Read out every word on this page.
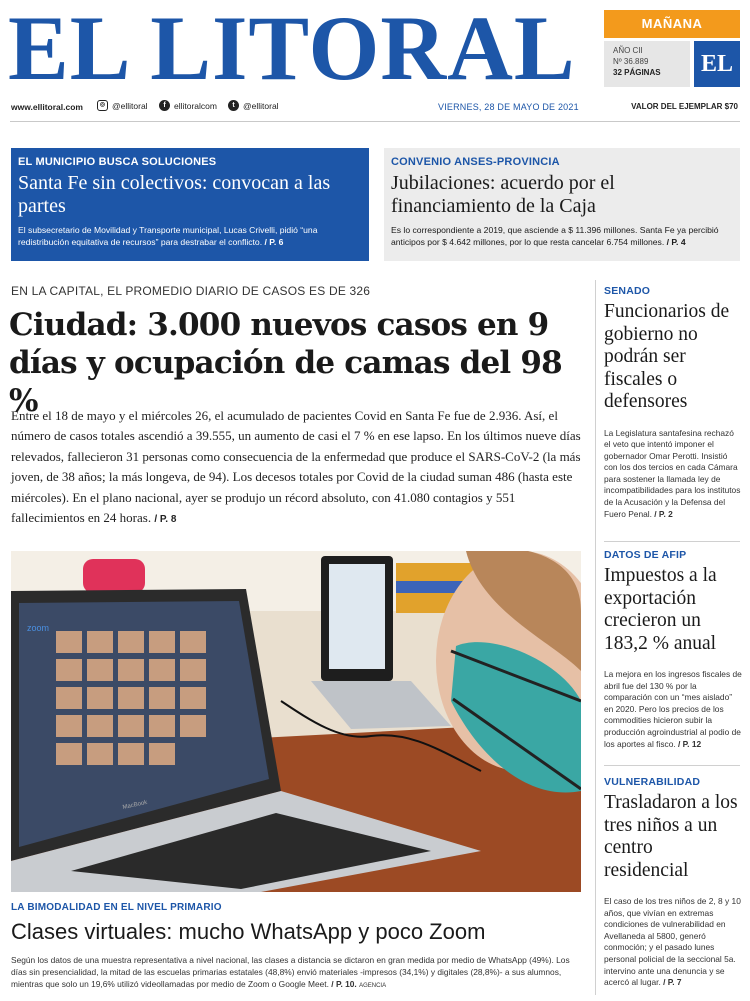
EL LITORAL	MAÑANA
AÑO CII
Nº 36.889
32 PÁGINAS	EL
www.ellitoral.com	◎ @ellitoral	f ellitoralcom	t @ellitoral	VIERNES, 28 DE MAYO DE 2021	VALOR DEL EJEMPLAR $70
EL MUNICIPIO BUSCA SOLUCIONES
Santa Fe sin colectivos: convocan a las partes
El subsecretario de Movilidad y Transporte municipal, Lucas Crivelli, pidió “una redistribución equitativa de recursos” para destrabar el conflicto. / P. 6
CONVENIO ANSES-PROVINCIA
Jubilaciones: acuerdo por el financiamiento de la Caja
Es lo correspondiente a 2019, que asciende a $ 11.396 millones. Santa Fe ya percibió anticipos por $ 4.642 millones, por lo que resta cancelar 6.754 millones. / P. 4
EN LA CAPITAL, EL PROMEDIO DIARIO DE CASOS ES DE 326
Ciudad: 3.000 nuevos casos en 9 días y ocupación de camas del 98 %
Entre el 18 de mayo y el miércoles 26, el acumulado de pacientes Covid en Santa Fe fue de 2.936. Así, el número de casos totales ascendió a 39.555, un aumento de casi el 7 % en ese lapso. En los últimos nueve días relevados, fallecieron 31 personas como consecuencia de la enfermedad que produce el SARS-CoV-2 (la más joven, de 38 años; la más longeva, de 94). Los decesos totales por Covid de la ciudad suman 486 (hasta este miércoles). En el plano nacional, ayer se produjo un récord absoluto, con 41.080 contagios y 551 fallecimientos en 24 horas. / P. 8
zoom
MacBook
LA BIMODALIDAD EN EL NIVEL PRIMARIO
Clases virtuales: mucho WhatsApp y poco Zoom
Según los datos de una muestra representativa a nivel nacional, las clases a distancia se dictaron en gran medida por medio de WhatsApp (49%). Los días sin presencialidad, la mitad de las escuelas primarias estatales (48,8%) envió materiales -impresos (34,1%) y digitales (28,8%)- a sus alumnos, mientras que solo un 19,6% utilizó videollamadas por medio de Zoom o Google Meet. / P. 10. AGENCIA
SENADO
Funcionarios de gobierno no podrán ser fiscales o defensores
La Legislatura santafesina rechazó el veto que intentó imponer el gobernador Omar Perotti. Insistió con los dos tercios en cada Cámara para sostener la llamada ley de incompatibilidades para los institutos de la Acusación y la Defensa del Fuero Penal. / P. 2
DATOS DE AFIP
Impuestos a la exportación crecieron un 183,2 % anual
La mejora en los ingresos fiscales de abril fue del 130 % por la comparación con un “mes aislado” en 2020. Pero los precios de los commodities hicieron subir la producción agroindustrial al podio de los aportes al fisco. / P. 12
VULNERABILIDAD
Trasladaron a los tres niños a un centro residencial
El caso de los tres niños de 2, 8 y 10 años, que vivían en extremas condiciones de vulnerabilidad en Avellaneda al 5800, generó conmoción; y el pasado lunes personal policial de la seccional 5a. intervino ante una denuncia y se acercó al lugar. / P. 7
